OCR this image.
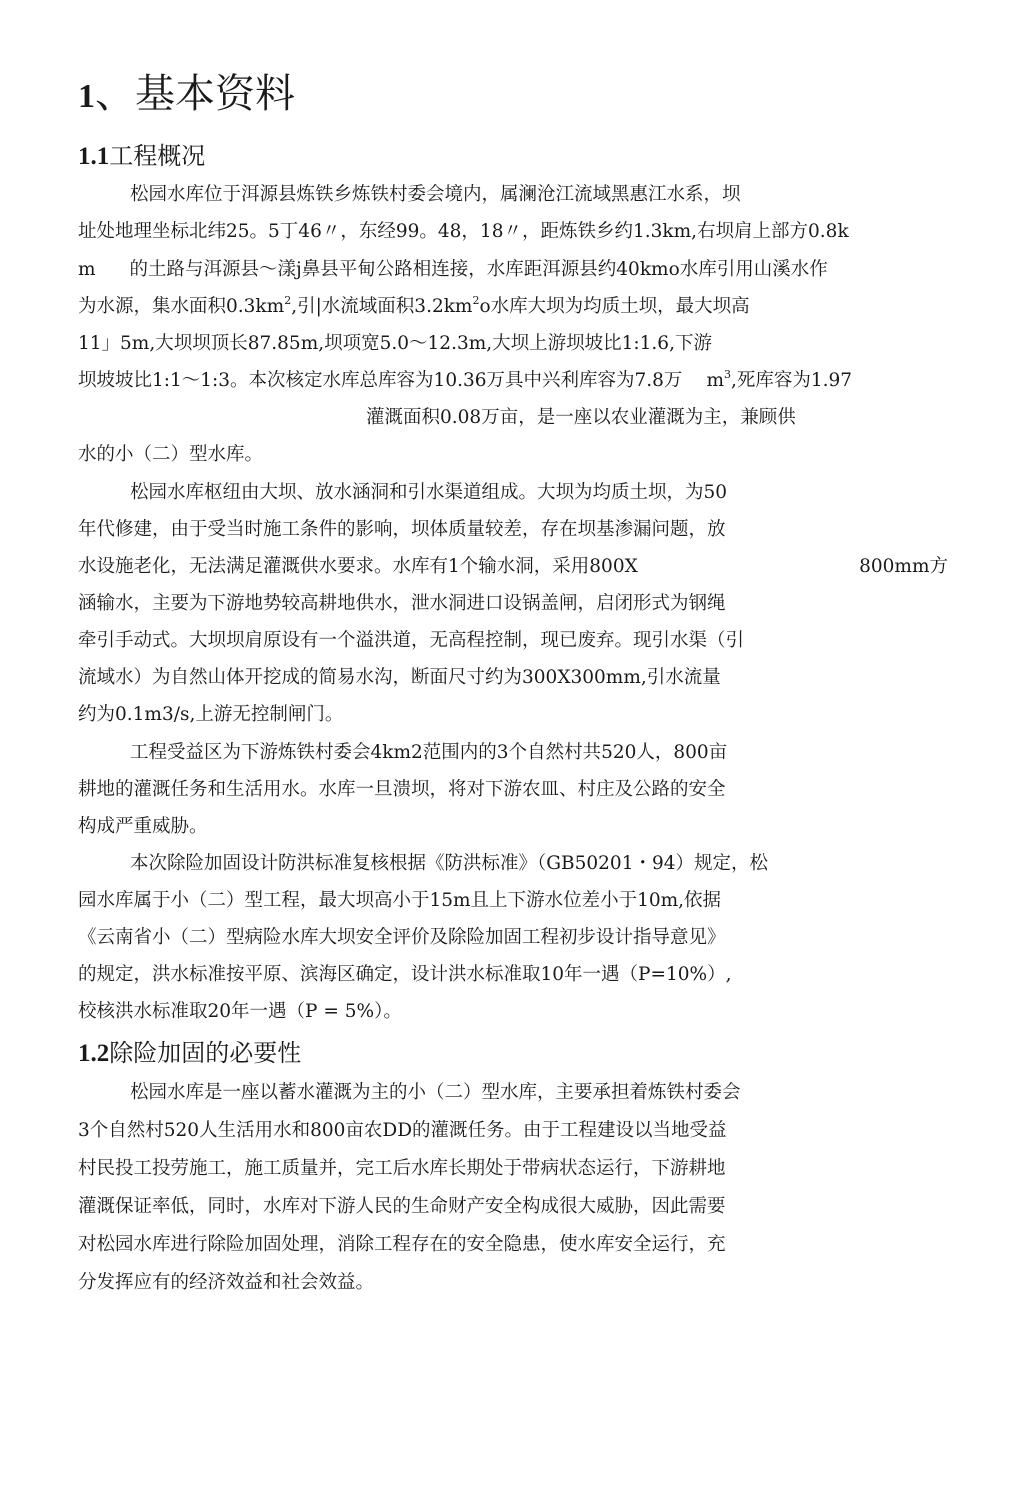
1、基本资料
1.1工程概况
松园水库位于洱源县炼铁乡炼铁村委会境内，属澜沧江流域黑惠江水系，坝
址处地理坐标北纬25。5丁46〃，东经99。48，18〃，距炼铁乡约1.3km,右坝肩上部方0.8k
m 的土路与洱源县～漾j鼻县平甸公路相连接，水库距洱源县约40kmo水库引用山溪水作
为水源，集水面积$0.3km^2$,引|水流域面积$3.2km^2o$水库大坝为均质土坝，最大坝高
11」5m,大坝坝顶长87.85m,坝项宽5.0～12.3m,大坝上游坝坡比1:1.6,下游
坝坡坡比1:1～1:3。本次核定水库总库容为10.36万具中兴利库容为7.8万 $m^3$,死库容为1.97
灌溉面积0.08万亩，是一座以农业灌溉为主，兼顾供
水的小（二）型水库。
松园水库枢纽由大坝、放水涵洞和引水渠道组成。大坝为均质土坝，为50
年代修建，由于受当时施工条件的影响，坝体质量较差，存在坝基渗漏问题，放
水设施老化，无法满足灌溉供水要求。水库有1个输水洞，采用800X	800mm方
涵输水，主要为下游地势较高耕地供水，泄水洞进口设锅盖闸，启闭形式为钢绳
牵引手动式。大坝坝肩原设有一个溢洪道，无高程控制，现已废弃。现引水渠（引
流域水）为自然山体开挖成的简易水沟，断面尺寸约为300X300mm,引水流量
约为0.1m3/s,上游无控制闸门。
工程受益区为下游炼铁村委会4km2范围内的3个自然村共520人，800亩
耕地的灌溉任务和生活用水。水库一旦溃坝，将对下游农皿、村庄及公路的安全
构成严重威胁。
本次除险加固设计防洪标准复核根据《防洪标准》（GB50201・94）规定，松
园水库属于小（二）型工程，最大坝高小于15m且上下游水位差小于10m,依据
《云南省小（二）型病险水库大坝安全评价及除险加固工程初步设计指导意见》
的规定，洪水标准按平原、滨海区确定，设计洪水标准取10年一遇（P=10%）,
校核洪水标准取20年一遇（P = 5%）。
1.2除险加固的必要性
松园水库是一座以蓄水灌溉为主的小（二）型水库，主要承担着炼铁村委会
3个自然村520人生活用水和800亩农DD的灌溉任务。由于工程建设以当地受益
村民投工投劳施工，施工质量并，完工后水库长期处于带病状态运行，下游耕地
灌溉保证率低，同时，水库对下游人民的生命财产安全构成很大威胁，因此需要
对松园水库进行除险加固处理，消除工程存在的安全隐患，使水库安全运行，充
分发挥应有的经济效益和社会效益。
